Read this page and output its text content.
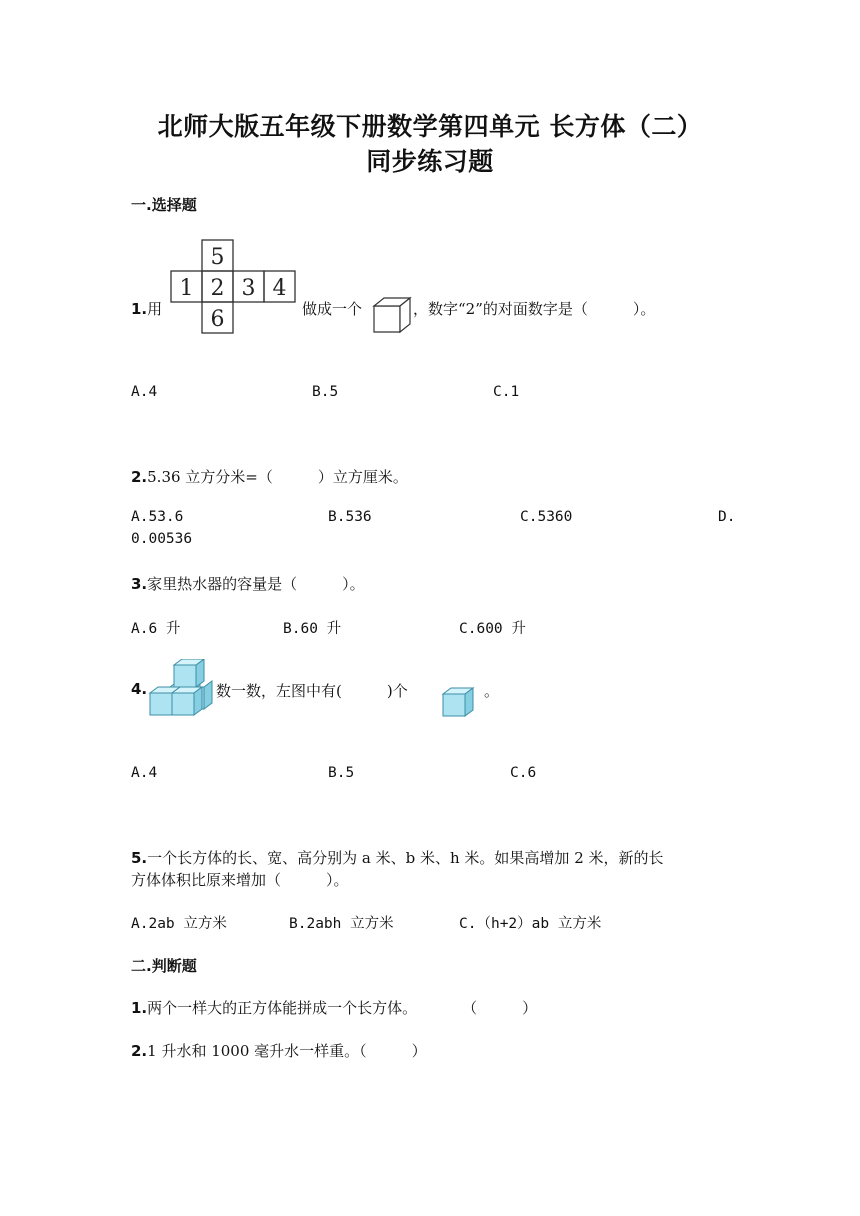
北师大版五年级下册数学第四单元 长方体（二）
同步练习题
一.选择题
1.用
5
1 2 3 4
6	做成一个	，数字“2”的对面数字是（　　　）。
A.4	B.5	C.1
2.5.36 立方分米=（　　　）立方厘米。
A.53.6	B.536	C.5360	D.
0.00536
3.家里热水器的容量是（　　　）。
A.6 升	B.60 升	C.600 升
4.	数一数，左图中有(　　　)个	。
A.4	B.5	C.6
5.一个长方体的长、宽、高分别为 a 米、b 米、h 米。如果高增加 2 米，新的长
方体体积比原来增加（　　　）。
A.2ab 立方米	B.2abh 立方米	C.（h+2）ab 立方米
二.判断题
1.两个一样大的正方体能拼成一个长方体。　　　　（　　　）
2.1 升水和 1000 毫升水一样重。（　　　）
